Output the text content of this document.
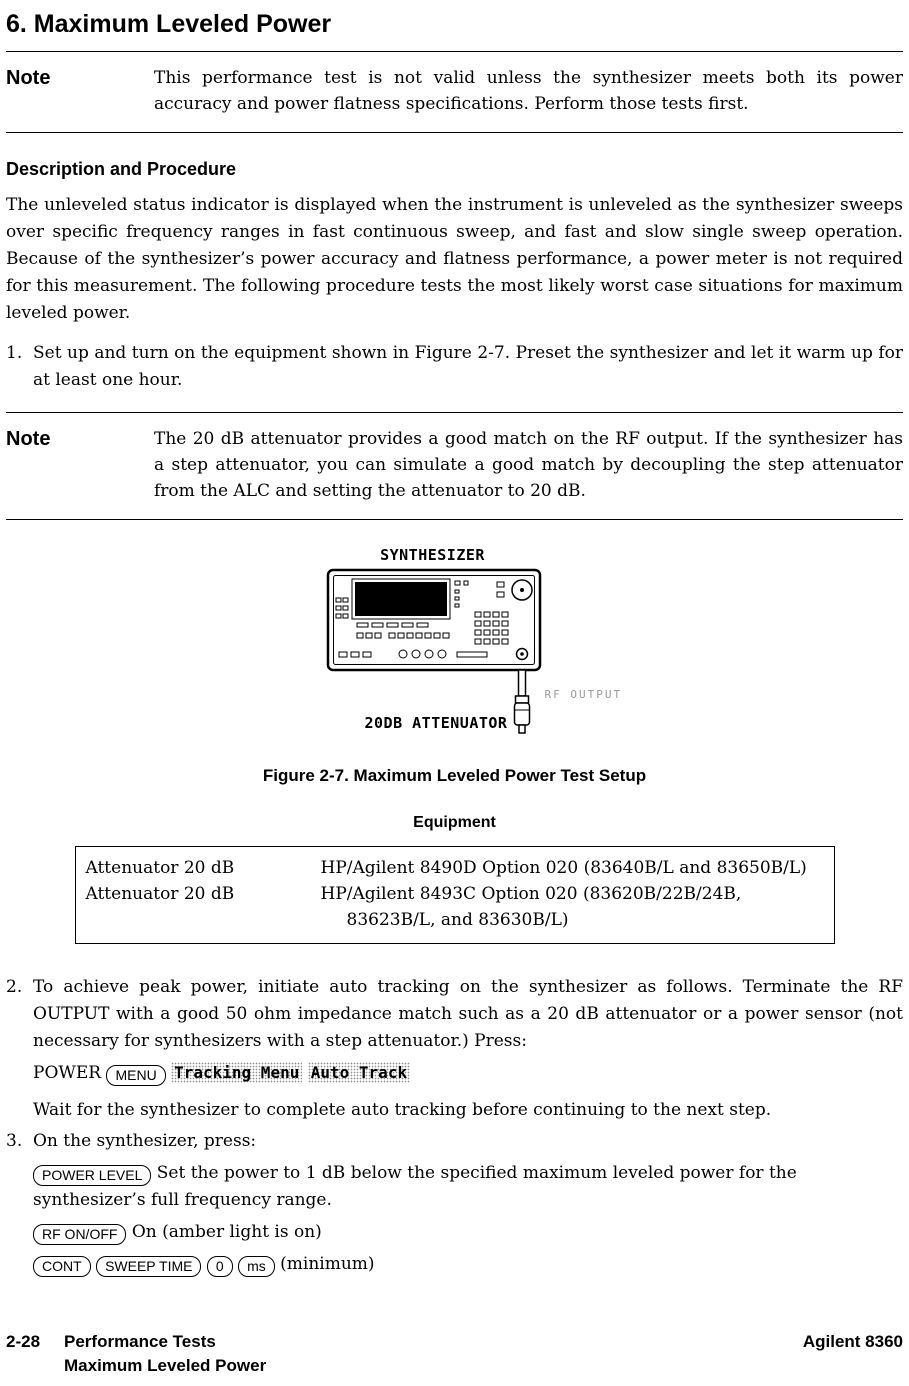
6. Maximum Leveled Power
Note	This performance test is not valid unless the synthesizer meets both its power accuracy and power flatness specifications. Perform those tests first.
Description and Procedure

The unleveled status indicator is displayed when the instrument is unleveled as the synthesizer sweeps over specific frequency ranges in fast continuous sweep, and fast and slow single sweep operation. Because of the synthesizer’s power accuracy and flatness performance, a power meter is not required for this measurement. The following procedure tests the most likely worst case situations for maximum leveled power.

1. Set up and turn on the equipment shown in Figure 2-7. Preset the synthesizer and let it warm up for at least one hour.
Note	The 20 dB attenuator provides a good match on the RF output. If the synthesizer has a step attenuator, you can simulate a good match by decoupling the step attenuator from the ALC and setting the attenuator to 20 dB.
SYNTHESIZER
RF OUTPUT
20DB ATTENUATOR
Figure 2-7. Maximum Leveled Power Test Setup
Equipment
Attenuator 20 dB	HP/Agilent 8490D Option 020 (83640B/L and 83650B/L)
Attenuator 20 dB	HP/Agilent 8493C Option 020 (83620B/22B/24B,
83623B/L, and 83630B/L)
2. To achieve peak power, initiate auto tracking on the synthesizer as follows. Terminate the RF OUTPUT with a good 50 ohm impedance match such as a 20 dB attenuator or a power sensor (not necessary for synthesizers with a step attenuator.) Press:
POWER MENU Tracking Menu Auto Track
Wait for the synthesizer to complete auto tracking before continuing to the next step.
3. On the synthesizer, press:
POWER LEVEL Set the power to 1 dB below the specified maximum leveled power for the synthesizer’s full frequency range.
RF ON/OFF On (amber light is on)
CONT SWEEP TIME 0 ms (minimum)
2-28	Performance Tests
Maximum Leveled Power
Agilent 8360
